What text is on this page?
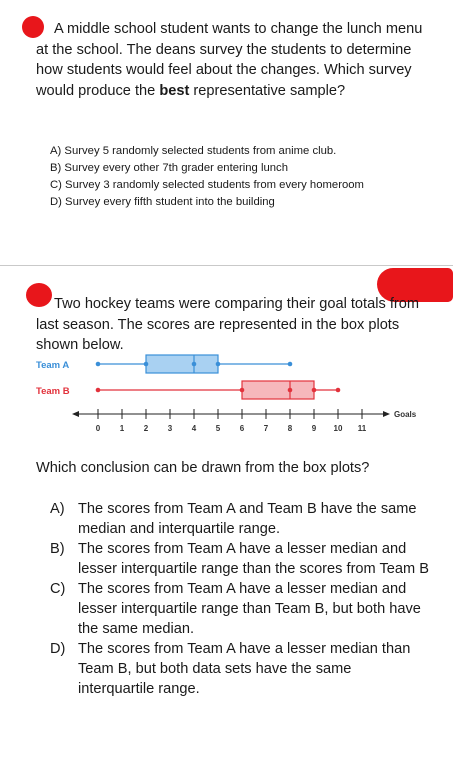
A middle school student wants to change the lunch menu at the school. The deans survey the students to determine how students would feel about the changes. Which survey would produce the best representative sample?
A) Survey 5 randomly selected students from anime club.
B) Survey every other 7th grader entering lunch
C) Survey 3 randomly selected students from every homeroom
D) Survey every fifth student into the building
Two hockey teams were comparing their goal totals from last season. The scores are represented in the box plots shown below.
Goals
0 1 2 3 4 5 6 7 8 9 10 11
Team A
Team B
Which conclusion can be drawn from the box plots?
A) The scores from Team A and Team B have the same median and interquartile range.
B) The scores from Team A have a lesser median and lesser interquartile range than the scores from Team B
C) The scores from Team A have a lesser median and lesser interquartile range than Team B, but both have the same median.
D) The scores from Team A have a lesser median than Team B, but both data sets have the same interquartile range.
